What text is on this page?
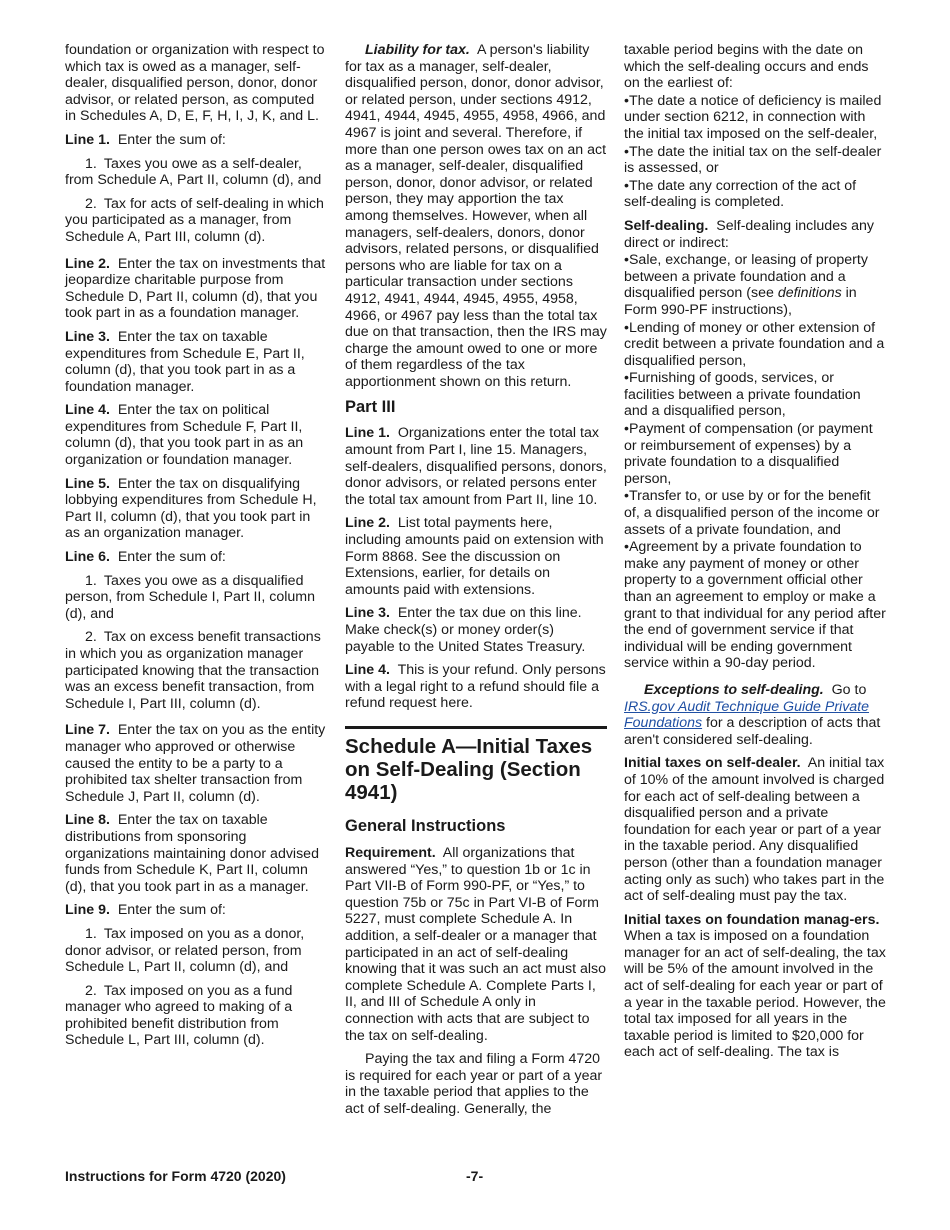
foundation or organization with respect to which tax is owed as a manager, self-dealer, disqualified person, donor, donor advisor, or related person, as computed in Schedules A, D, E, F, H, I, J, K, and L.

Line 1. Enter the sum of:

1. Taxes you owe as a self-dealer, from Schedule A, Part II, column (d), and

2. Tax for acts of self-dealing in which you participated as a manager, from Schedule A, Part III, column (d).

Line 2. Enter the tax on investments that jeopardize charitable purpose from Schedule D, Part II, column (d), that you took part in as a foundation manager.

Line 3. Enter the tax on taxable expenditures from Schedule E, Part II, column (d), that you took part in as a foundation manager.

Line 4. Enter the tax on political expenditures from Schedule F, Part II, column (d), that you took part in as an organization or foundation manager.

Line 5. Enter the tax on disqualifying lobbying expenditures from Schedule H, Part II, column (d), that you took part in as an organization manager.

Line 6. Enter the sum of:

1. Taxes you owe as a disqualified person, from Schedule I, Part II, column (d), and

2. Tax on excess benefit transactions in which you as organization manager participated knowing that the transaction was an excess benefit transaction, from Schedule I, Part III, column (d).

Line 7. Enter the tax on you as the entity manager who approved or otherwise caused the entity to be a party to a prohibited tax shelter transaction from Schedule J, Part II, column (d).

Line 8. Enter the tax on taxable distributions from sponsoring organizations maintaining donor advised funds from Schedule K, Part II, column (d), that you took part in as a manager.

Line 9. Enter the sum of:

1. Tax imposed on you as a donor, donor advisor, or related person, from Schedule L, Part II, column (d), and

2. Tax imposed on you as a fund manager who agreed to making of a prohibited benefit distribution from Schedule L, Part III, column (d).

Liability for tax. A person's liability for tax as a manager, self-dealer, disqualified person, donor, donor advisor, or related person, under sections 4912, 4941, 4944, 4945, 4955, 4958, 4966, and 4967 is joint and several. Therefore, if more than one person owes tax on an act as a manager, self-dealer, disqualified person, donor, donor advisor, or related person, they may apportion the tax among themselves. However, when all managers, self-dealers, donors, donor advisors, related persons, or disqualified persons who are liable for tax on a particular transaction under sections 4912, 4941, 4944, 4945, 4955, 4958, 4966, or 4967 pay less than the total tax due on that transaction, then the IRS may charge the amount owed to one or more of them regardless of the tax apportionment shown on this return.

Part III

Line 1. Organizations enter the total tax amount from Part I, line 15. Managers, self-dealers, disqualified persons, donors, donor advisors, or related persons enter the total tax amount from Part II, line 10.

Line 2. List total payments here, including amounts paid on extension with Form 8868. See the discussion on Extensions, earlier, for details on amounts paid with extensions.

Line 3. Enter the tax due on this line. Make check(s) or money order(s) payable to the United States Treasury.

Line 4. This is your refund. Only persons with a legal right to a refund should file a refund request here.

Schedule A—Initial Taxes on Self-Dealing (Section 4941)
General Instructions

Requirement. All organizations that answered “Yes,” to question 1b or 1c in Part VII-B of Form 990-PF, or “Yes,” to question 75b or 75c in Part VI-B of Form 5227, must complete Schedule A. In addition, a self-dealer or a manager that participated in an act of self-dealing knowing that it was such an act must also complete Schedule A. Complete Parts I, II, and III of Schedule A only in connection with acts that are subject to the tax on self-dealing.

Paying the tax and filing a Form 4720 is required for each year or part of a year in the taxable period that applies to the act of self-dealing. Generally, the

taxable period begins with the date on which the self-dealing occurs and ends on the earliest of:

•The date a notice of deficiency is mailed under section 6212, in connection with the initial tax imposed on the self-dealer,

•The date the initial tax on the self-dealer is assessed, or

•The date any correction of the act of self-dealing is completed.

Self-dealing. Self-dealing includes any direct or indirect:

•Sale, exchange, or leasing of property between a private foundation and a disqualified person (see definitions in Form 990-PF instructions),

•Lending of money or other extension of credit between a private foundation and a disqualified person,

•Furnishing of goods, services, or facilities between a private foundation and a disqualified person,

•Payment of compensation (or payment or reimbursement of expenses) by a private foundation to a disqualified person,

•Transfer to, or use by or for the benefit of, a disqualified person of the income or assets of a private foundation, and

•Agreement by a private foundation to make any payment of money or other property to a government official other than an agreement to employ or make a grant to that individual for any period after the end of government service if that individual will be ending government service within a 90-day period.

Exceptions to self-dealing. Go to IRS.gov Audit Technique Guide Private Foundations for a description of acts that aren't considered self-dealing.

Initial taxes on self-dealer. An initial tax of 10% of the amount involved is charged for each act of self-dealing between a disqualified person and a private foundation for each year or part of a year in the taxable period. Any disqualified person (other than a foundation manager acting only as such) who takes part in the act of self-dealing must pay the tax.

Initial taxes on foundation manag-ers.  When a tax is imposed on a foundation manager for an act of self-dealing, the tax will be 5% of the amount involved in the act of self-dealing for each year or part of a year in the taxable period. However, the total tax imposed for all years in the taxable period is limited to $20,000 for each act of self-dealing. The tax is

Instructions for Form 4720 (2020)	-7-
